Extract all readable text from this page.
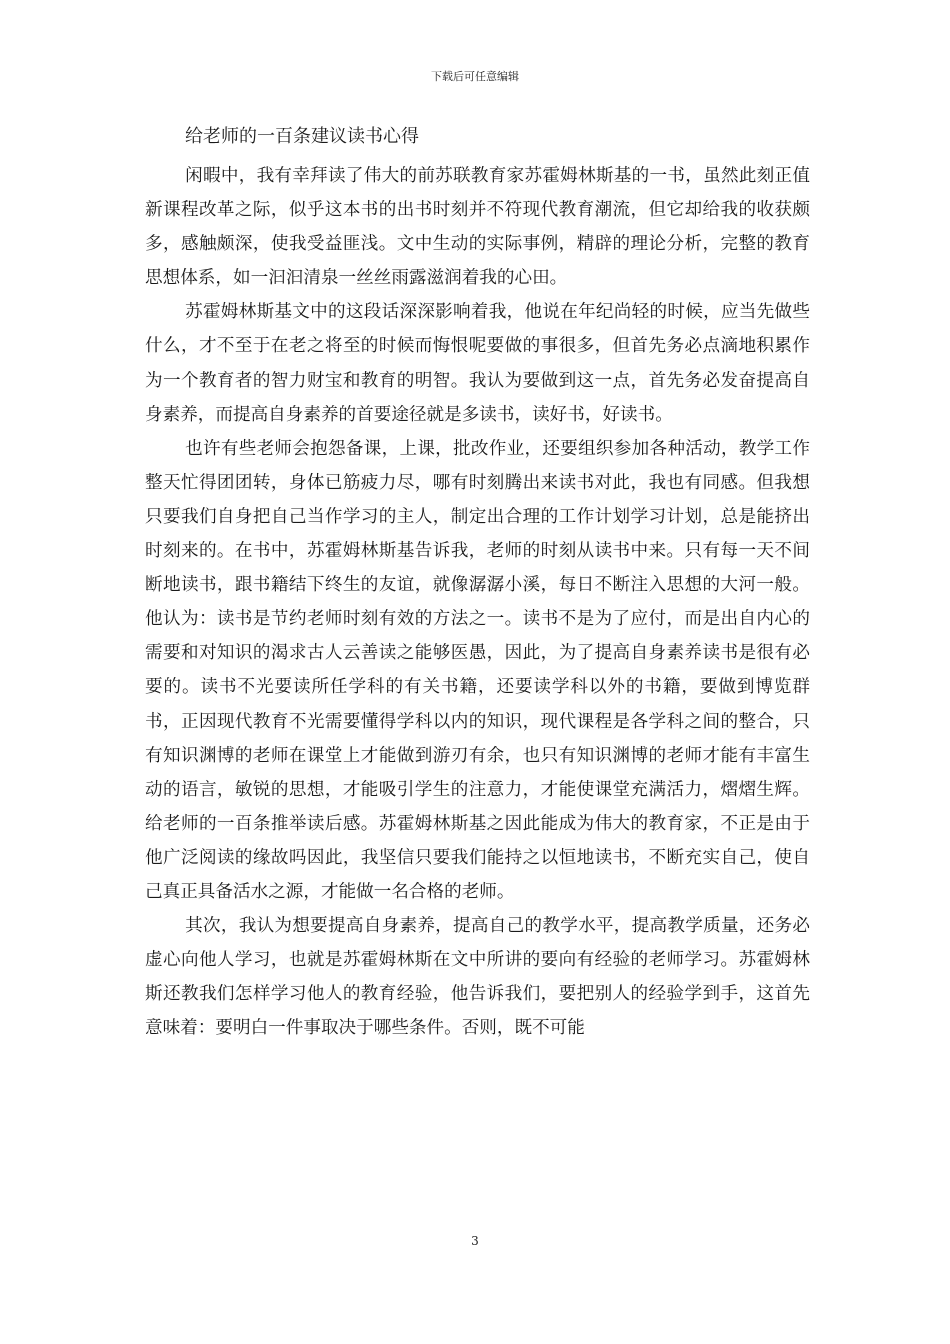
下载后可任意编辑
给老师的一百条建议读书心得

闲暇中，我有幸拜读了伟大的前苏联教育家苏霍姆林斯基的一书，虽然此刻正值新课程改革之际，似乎这本书的出书时刻并不符现代教育潮流，但它却给我的收获颇多，感触颇深，使我受益匪浅。文中生动的实际事例，精辟的理论分析，完整的教育思想体系，如一汩汩清泉一丝丝雨露滋润着我的心田。

苏霍姆林斯基文中的这段话深深影响着我，他说在年纪尚轻的时候，应当先做些什么，才不至于在老之将至的时候而悔恨呢要做的事很多，但首先务必点滴地积累作为一个教育者的智力财宝和教育的明智。我认为要做到这一点，首先务必发奋提高自身素养，而提高自身素养的首要途径就是多读书，读好书，好读书。

也许有些老师会抱怨备课，上课，批改作业，还要组织参加各种活动，教学工作整天忙得团团转，身体已筋疲力尽，哪有时刻腾出来读书对此，我也有同感。但我想只要我们自身把自己当作学习的主人，制定出合理的工作计划学习计划，总是能挤出时刻来的。在书中，苏霍姆林斯基告诉我，老师的时刻从读书中来。只有每一天不间断地读书，跟书籍结下终生的友谊，就像潺潺小溪，每日不断注入思想的大河一般。他认为：读书是节约老师时刻有效的方法之一。读书不是为了应付，而是出自内心的需要和对知识的渴求古人云善读之能够医愚，因此，为了提高自身素养读书是很有必要的。读书不光要读所任学科的有关书籍，还要读学科以外的书籍，要做到博览群书，正因现代教育不光需要懂得学科以内的知识，现代课程是各学科之间的整合，只有知识渊博的老师在课堂上才能做到游刃有余，也只有知识渊博的老师才能有丰富生动的语言，敏锐的思想，才能吸引学生的注意力，才能使课堂充满活力，熠熠生辉。给老师的一百条推举读后感。苏霍姆林斯基之因此能成为伟大的教育家，不正是由于他广泛阅读的缘故吗因此，我坚信只要我们能持之以恒地读书，不断充实自己，使自己真正具备活水之源，才能做一名合格的老师。

其次，我认为想要提高自身素养，提高自己的教学水平，提高教学质量，还务必虚心向他人学习，也就是苏霍姆林斯在文中所讲的要向有经验的老师学习。苏霍姆林斯还教我们怎样学习他人的教育经验，他告诉我们，要把别人的经验学到手，这首先意味着：要明白一件事取决于哪些条件。否则，既不可能

3
